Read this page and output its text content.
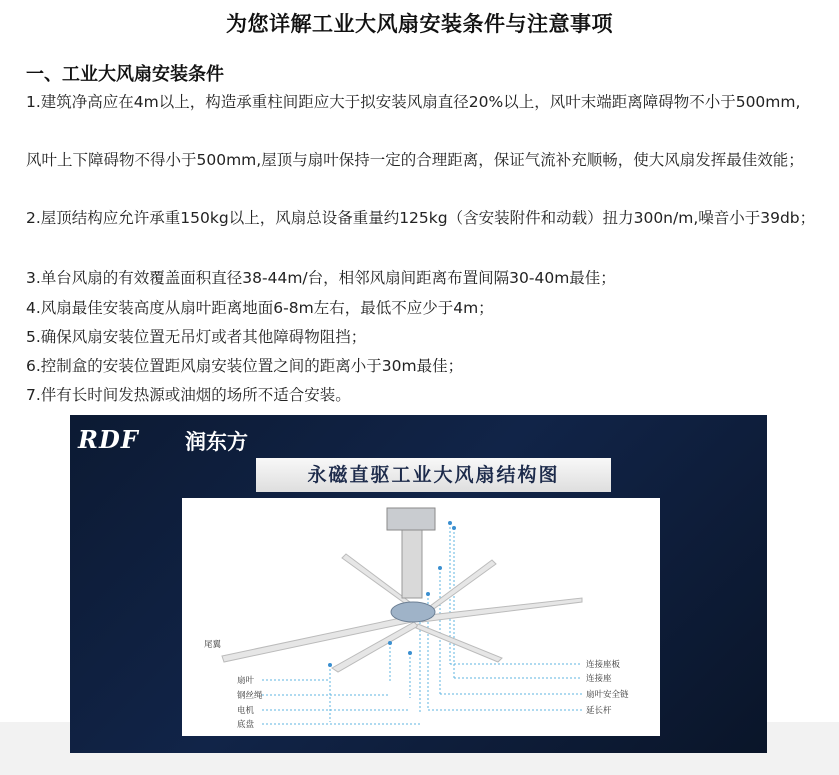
为您详解工业大风扇安装条件与注意事项
一、工业大风扇安装条件
1.建筑净高应在4m以上，构造承重柱间距应大于拟安装风扇直径20%以上，风叶末端距离障碍物不小于500mm,
风叶上下障碍物不得小于500mm,屋顶与扇叶保持一定的合理距离，保证气流补充顺畅，使大风扇发挥最佳效能；
2.屋顶结构应允许承重150kg以上，风扇总设备重量约125kg（含安装附件和动载）扭力300n/m,噪音小于39db；
3.单台风扇的有效覆盖面积直径38-44m/台，相邻风扇间距离布置间隔30-40m最佳；
4.风扇最佳安装高度从扇叶距离地面6-8m左右，最低不应少于4m；
5.确保风扇安装位置无吊灯或者其他障碍物阻挡；
6.控制盒的安装位置距风扇安装位置之间的距离小于30m最佳；
7.伴有长时间发热源或油烟的场所不适合安装。
RDF 润东方
永磁直驱工业大风扇结构图
尾翼
扇叶
钢丝绳
电机
底盘
连接座板
连接座
扇叶安全链
延长杆
